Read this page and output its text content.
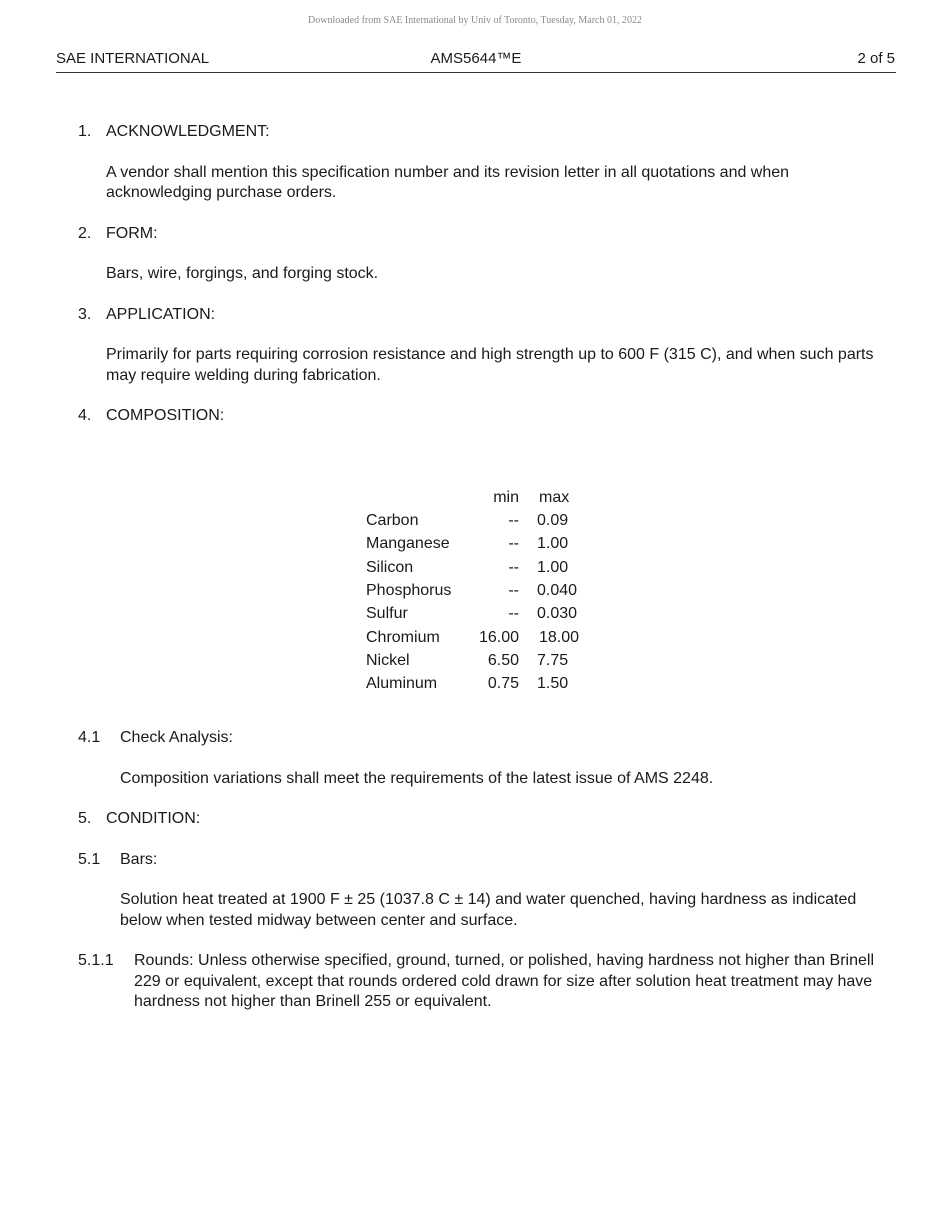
Downloaded from SAE International by Univ of Toronto, Tuesday, March 01, 2022
SAE INTERNATIONAL	AMS5644™E	2 of 5
1. ACKNOWLEDGMENT:
A vendor shall mention this specification number and its revision letter in all quotations and when acknowledging purchase orders.
2. FORM:
Bars, wire, forgings, and forging stock.
3. APPLICATION:
Primarily for parts requiring corrosion resistance and high strength up to 600 F (315 C), and when such parts may require welding during fabrication.
4. COMPOSITION:
	min	max
Carbon	--	0.09
Manganese	--	1.00
Silicon	--	1.00
Phosphorus	--	0.040
Sulfur	--	0.030
Chromium	16.00	18.00
Nickel	6.50	7.75
Aluminum	0.75	1.50
4.1	Check Analysis:
Composition variations shall meet the requirements of the latest issue of AMS 2248.
5. CONDITION:
5.1	Bars:
Solution heat treated at 1900 F ± 25 (1037.8 C ± 14) and water quenched, having hardness as indicated below when tested midway between center and surface.
5.1.1	Rounds: Unless otherwise specified, ground, turned, or polished, having hardness not higher than Brinell 229 or equivalent, except that rounds ordered cold drawn for size after solution heat treatment may have hardness not higher than Brinell 255 or equivalent.
